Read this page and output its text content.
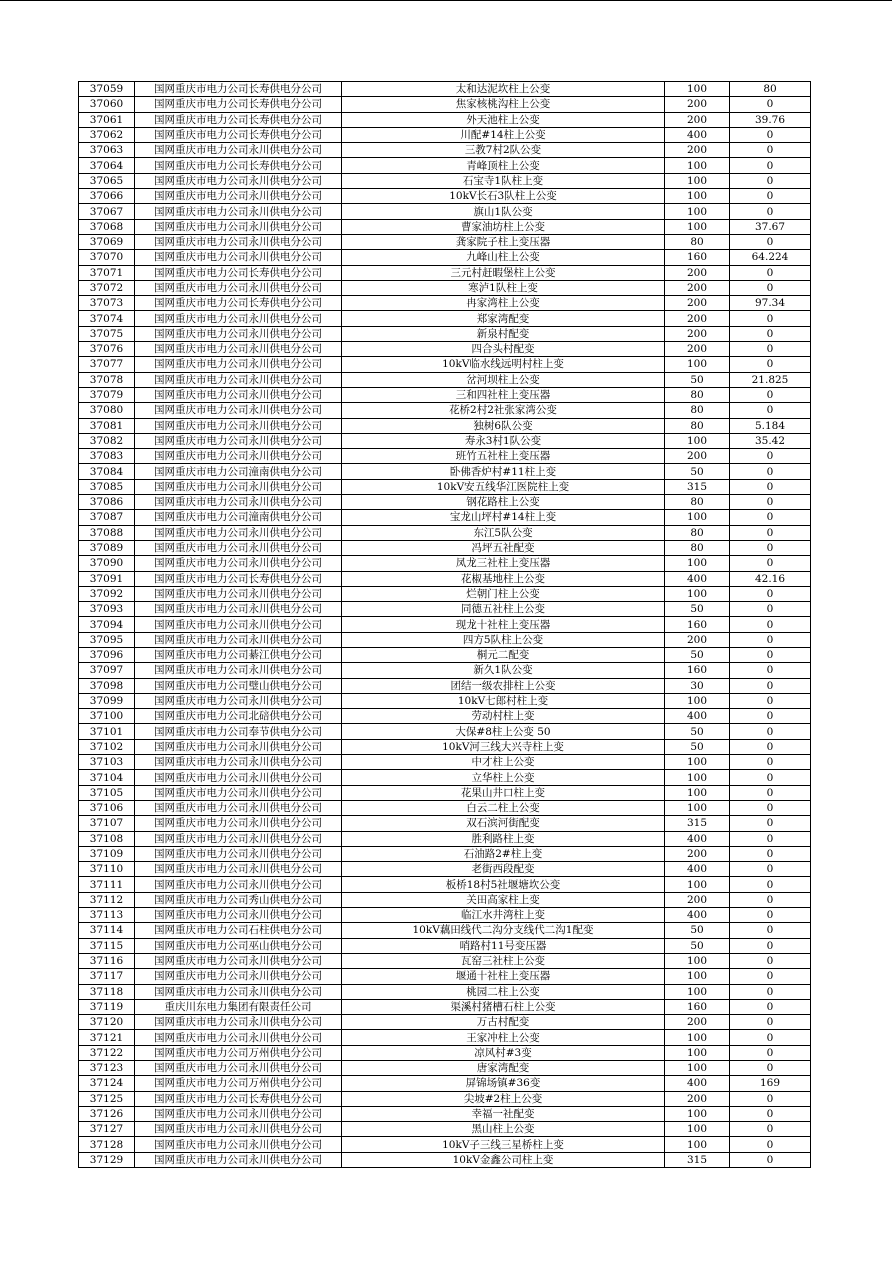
37059	国网重庆市电力公司长寿供电分公司	太和达泥坎柱上公变	100	80
37060	国网重庆市电力公司长寿供电分公司	焦家核桃沟柱上公变	200	0
37061	国网重庆市电力公司长寿供电分公司	外天池柱上公变	200	39.76
37062	国网重庆市电力公司长寿供电分公司	川配#14柱上公变	400	0
37063	国网重庆市电力公司永川供电分公司	三教7村2队公变	200	0
37064	国网重庆市电力公司长寿供电分公司	青峰顶柱上公变	100	0
37065	国网重庆市电力公司永川供电分公司	石宝寺1队柱上变	100	0
37066	国网重庆市电力公司永川供电分公司	10kV长石3队柱上公变	100	0
37067	国网重庆市电力公司永川供电分公司	旗山1队公变	100	0
37068	国网重庆市电力公司永川供电分公司	曹家油坊柱上公变	100	37.67
37069	国网重庆市电力公司永川供电分公司	龚家院子柱上变压器	80	0
37070	国网重庆市电力公司永川供电分公司	九峰山柱上公变	160	64.224
37071	国网重庆市电力公司长寿供电分公司	三元村赶暇堡柱上公变	200	0
37072	国网重庆市电力公司永川供电分公司	寒泸1队柱上变	200	0
37073	国网重庆市电力公司长寿供电分公司	冉家湾柱上公变	200	97.34
37074	国网重庆市电力公司永川供电分公司	郑家湾配变	200	0
37075	国网重庆市电力公司永川供电分公司	新泉村配变	200	0
37076	国网重庆市电力公司永川供电分公司	四合头村配变	200	0
37077	国网重庆市电力公司永川供电分公司	10kV临水线远明村柱上变	100	0
37078	国网重庆市电力公司永川供电分公司	岔河坝柱上公变	50	21.825
37079	国网重庆市电力公司永川供电分公司	三和四社柱上变压器	80	0
37080	国网重庆市电力公司永川供电分公司	花桥2村2社张家湾公变	80	0
37081	国网重庆市电力公司永川供电分公司	独树6队公变	80	5.184
37082	国网重庆市电力公司永川供电分公司	寿永3村1队公变	100	35.42
37083	国网重庆市电力公司永川供电分公司	班竹五社柱上变压器	200	0
37084	国网重庆市电力公司潼南供电分公司	卧佛香炉村#11柱上变	50	0
37085	国网重庆市电力公司永川供电分公司	10kV安五线华江医院柱上变	315	0
37086	国网重庆市电力公司永川供电分公司	钢花路柱上公变	80	0
37087	国网重庆市电力公司潼南供电分公司	宝龙山坪村#14柱上变	100	0
37088	国网重庆市电力公司永川供电分公司	东江5队公变	80	0
37089	国网重庆市电力公司永川供电分公司	冯坪五社配变	80	0
37090	国网重庆市电力公司永川供电分公司	凤龙三社柱上变压器	100	0
37091	国网重庆市电力公司长寿供电分公司	花椒基地柱上公变	400	42.16
37092	国网重庆市电力公司永川供电分公司	烂朝门柱上公变	100	0
37093	国网重庆市电力公司永川供电分公司	同德五社柱上公变	50	0
37094	国网重庆市电力公司永川供电分公司	现龙十社柱上变压器	160	0
37095	国网重庆市电力公司永川供电分公司	四方5队柱上公变	200	0
37096	国网重庆市电力公司綦江供电分公司	桐元二配变	50	0
37097	国网重庆市电力公司永川供电分公司	新久1队公变	160	0
37098	国网重庆市电力公司璧山供电分公司	团结一级农排柱上公变	30	0
37099	国网重庆市电力公司永川供电分公司	10kV七郎村柱上变	100	0
37100	国网重庆市电力公司北碚供电分公司	劳动村柱上变	400	0
37101	国网重庆市电力公司奉节供电分公司	大保#8柱上公变 50	50	0
37102	国网重庆市电力公司永川供电分公司	10kV河三线大兴寺柱上变	50	0
37103	国网重庆市电力公司永川供电分公司	中才柱上公变	100	0
37104	国网重庆市电力公司永川供电分公司	立华柱上公变	100	0
37105	国网重庆市电力公司永川供电分公司	花果山井口柱上变	100	0
37106	国网重庆市电力公司永川供电分公司	白云二柱上公变	100	0
37107	国网重庆市电力公司永川供电分公司	双石滨河街配变	315	0
37108	国网重庆市电力公司永川供电分公司	胜利路柱上变	400	0
37109	国网重庆市电力公司永川供电分公司	石油路2#柱上变	200	0
37110	国网重庆市电力公司永川供电分公司	老街西段配变	400	0
37111	国网重庆市电力公司永川供电分公司	板桥18村5社堰塘坎公变	100	0
37112	国网重庆市电力公司秀山供电分公司	关田高家柱上变	200	0
37113	国网重庆市电力公司永川供电分公司	临江水井湾柱上变	400	0
37114	国网重庆市电力公司石柱供电分公司	10kV藕田线代二沟分支线代二沟1配变	50	0
37115	国网重庆市电力公司巫山供电分公司	哨路村11号变压器	50	0
37116	国网重庆市电力公司永川供电分公司	瓦窑三社柱上公变	100	0
37117	国网重庆市电力公司永川供电分公司	堰通十社柱上变压器	100	0
37118	国网重庆市电力公司永川供电分公司	桃园二柱上公变	100	0
37119	重庆川东电力集团有限责任公司	渠溪村猪槽石柱上公变	160	0
37120	国网重庆市电力公司永川供电分公司	万古村配变	200	0
37121	国网重庆市电力公司永川供电分公司	王家冲柱上公变	100	0
37122	国网重庆市电力公司万州供电分公司	凉风村#3变	100	0
37123	国网重庆市电力公司永川供电分公司	唐家湾配变	100	0
37124	国网重庆市电力公司万州供电分公司	屏锦场镇#36变	400	169
37125	国网重庆市电力公司长寿供电分公司	尖坡#2柱上公变	200	0
37126	国网重庆市电力公司永川供电分公司	幸福一社配变	100	0
37127	国网重庆市电力公司永川供电分公司	黑山柱上公变	100	0
37128	国网重庆市电力公司永川供电分公司	10kV子三线三星桥柱上变	100	0
37129	国网重庆市电力公司永川供电分公司	10kV金鑫公司柱上变	315	0
